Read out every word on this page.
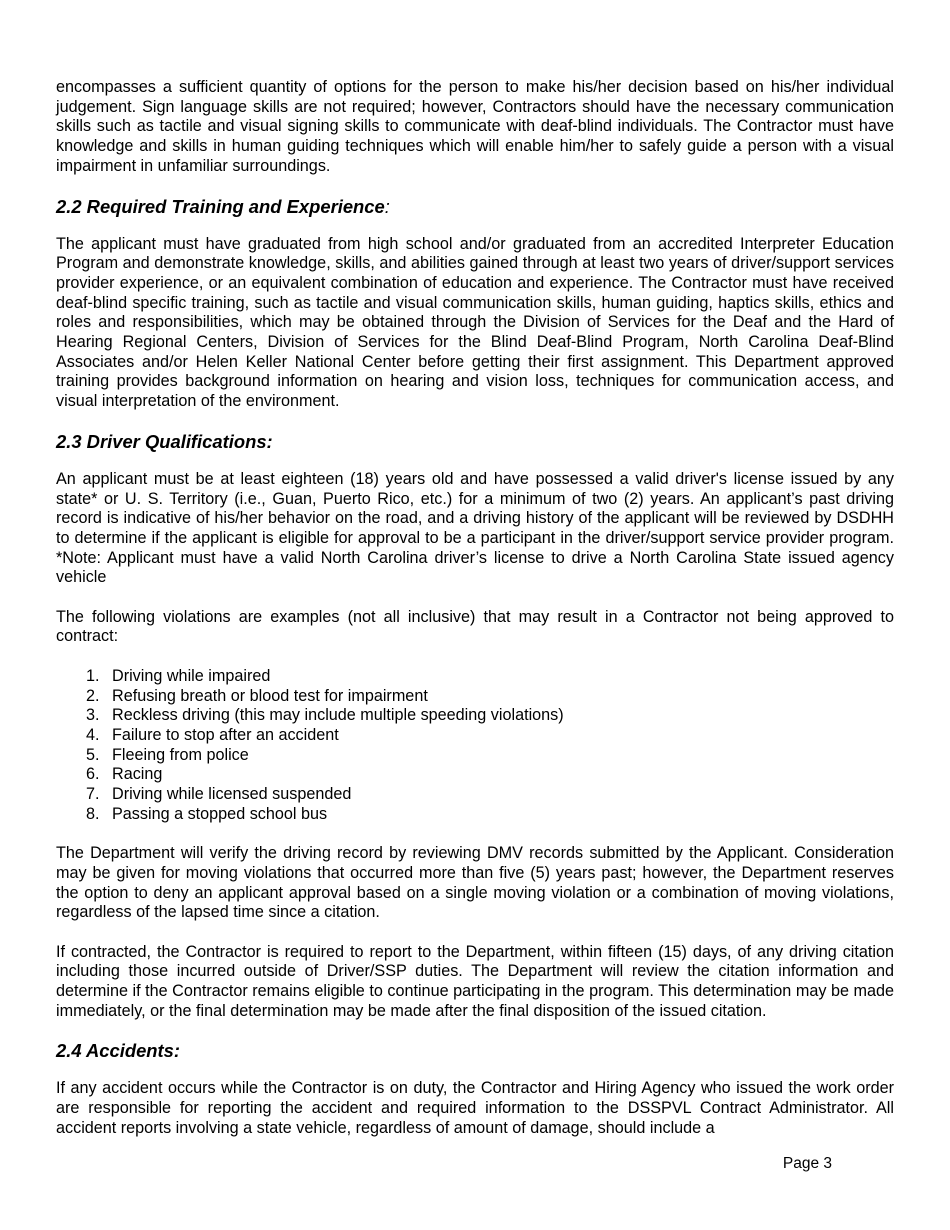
encompasses a sufficient quantity of options for the person to make his/her decision based on his/her individual judgement. Sign language skills are not required; however, Contractors should have the necessary communication skills such as tactile and visual signing skills to communicate with deaf-blind individuals. The Contractor must have knowledge and skills in human guiding techniques which will enable him/her to safely guide a person with a visual impairment in unfamiliar surroundings.

2.2 Required Training and Experience:

The applicant must have graduated from high school and/or graduated from an accredited Interpreter Education Program and demonstrate knowledge, skills, and abilities gained through at least two years of driver/support services provider experience, or an equivalent combination of education and experience. The Contractor must have received deaf-blind specific training, such as tactile and visual communication skills, human guiding, haptics skills, ethics and roles and responsibilities, which may be obtained through the Division of Services for the Deaf and the Hard of Hearing Regional Centers, Division of Services for the Blind Deaf-Blind Program, North Carolina Deaf-Blind Associates and/or Helen Keller National Center before getting their first assignment. This Department approved training provides background information on hearing and vision loss, techniques for communication access, and visual interpretation of the environment.

2.3 Driver Qualifications:

An applicant must be at least eighteen (18) years old and have possessed a valid driver's license issued by any state* or U. S. Territory (i.e., Guan, Puerto Rico, etc.) for a minimum of two (2) years. An applicant’s past driving record is indicative of his/her behavior on the road, and a driving history of the applicant will be reviewed by DSDHH to determine if the applicant is eligible for approval to be a participant in the driver/support service provider program. *Note: Applicant must have a valid North Carolina driver’s license to drive a North Carolina State issued agency vehicle

The following violations are examples (not all inclusive) that may result in a Contractor not being approved to contract:

1. Driving while impaired
2. Refusing breath or blood test for impairment
3. Reckless driving (this may include multiple speeding violations)
4. Failure to stop after an accident
5. Fleeing from police
6. Racing
7. Driving while licensed suspended
8. Passing a stopped school bus

The Department will verify the driving record by reviewing DMV records submitted by the Applicant. Consideration may be given for moving violations that occurred more than five (5) years past; however, the Department reserves the option to deny an applicant approval based on a single moving violation or a combination of moving violations, regardless of the lapsed time since a citation.

If contracted, the Contractor is required to report to the Department, within fifteen (15) days, of any driving citation including those incurred outside of Driver/SSP duties. The Department will review the citation information and determine if the Contractor remains eligible to continue participating in the program. This determination may be made immediately, or the final determination may be made after the final disposition of the issued citation.

2.4 Accidents:

If any accident occurs while the Contractor is on duty, the Contractor and Hiring Agency who issued the work order are responsible for reporting the accident and required information to the DSSPVL Contract Administrator. All accident reports involving a state vehicle, regardless of amount of damage, should include a

Page 3
